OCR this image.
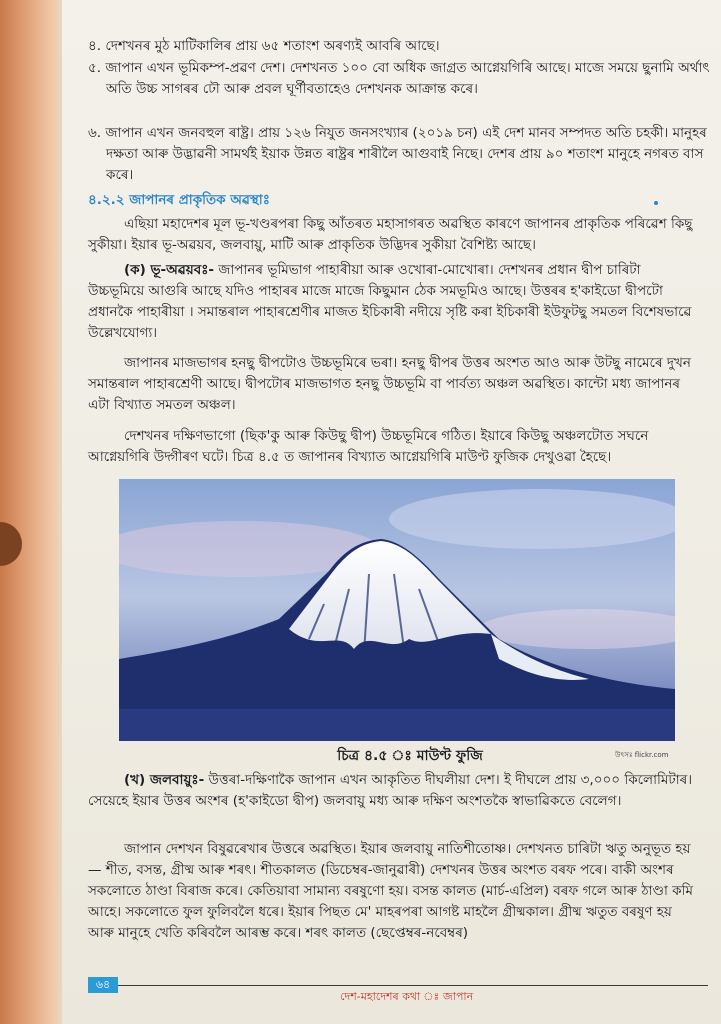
৪. দেশখনৰ মুঠ মাটিকালিৰ প্ৰায় ৬৫ শতাংশ অৰণ্যই আবৰি আছে।
৫. জাপান এখন ভূমিকম্প-প্ৰৱণ দেশ। দেশখনত ১০০ বো অধিক জাগ্ৰত আগ্নেয়গিৰি আছে। মাজে সময়ে ছুনামি অৰ্থাৎ অতি উচ্চ সাগৰৰ ঢৌ আৰু প্ৰবল ঘূৰ্ণীবতাহেও দেশখনক আক্ৰান্ত কৰে।
৬. জাপান এখন জনবহুল ৰাষ্ট্ৰ। প্ৰায় ১২৬ নিযুত জনসংখ্যাৰ (২০১৯ চন) এই দেশ মানব সম্পদত অতি চহকী। মানুহৰ দক্ষতা আৰু উদ্ভাৱনী সামৰ্থই ইয়াক উন্নত ৰাষ্ট্ৰৰ শাৰীলৈ আগুবাই নিছে। দেশৰ প্ৰায় ৯০ শতাংশ মানুহে নগৰত বাস কৰে।
৪.২.২ জাপানৰ প্ৰাকৃতিক অৱস্থাঃ
এছিয়া মহাদেশৰ মূল ভূ-খণ্ডৰপৰা কিছু আঁতৰত মহাসাগৰত অৱস্থিত কাৰণে জাপানৰ প্ৰাকৃতিক পৰিৱেশ কিছু সুকীয়া। ইয়াৰ ভূ-অৱয়ব, জলবায়ু, মাটি আৰু প্ৰাকৃতিক উদ্ভিদৰ সুকীয়া বৈশিষ্ট্য আছে।
(ক) ভূ-অৱয়বঃ- জাপানৰ ভূমিভাগ পাহাৰীয়া আৰু ওখোৰা-মোখোৰা। দেশখনৰ প্ৰধান দ্বীপ চাৰিটা উচ্চভূমিয়ে আগুৰি আছে যদিও পাহাৰৰ মাজে মাজে কিছুমান ঠেক সমভূমিও আছে। উত্তৰৰ হ'কাইডো দ্বীপটো প্ৰধানকৈ পাহাৰীয়া । সমান্তৰাল পাহাৰশ্ৰেণীৰ মাজত ইচিকাৰী নদীয়ে সৃষ্টি কৰা ইচিকাৰী ইউফুটছু সমতল বিশেষভাৱে উল্লেখযোগ্য।
জাপানৰ মাজভাগৰ হনছু দ্বীপটোও উচ্চভূমিৰে ভৰা। হনছু দ্বীপৰ উত্তৰ অংশত আও আৰু উটছু নামেৰে দুখন সমান্তৰাল পাহাৰশ্ৰেণী আছে। দ্বীপটোৰ মাজভাগত হনছু উচ্চভূমি বা পাৰ্বত্য অঞ্চল অৱস্থিত। কান্টো মধ্য জাপানৰ এটা বিখ্যাত সমতল অঞ্চল।
দেশখনৰ দক্ষিণভাগো (ছিক'কু আৰু কিউছু দ্বীপ) উচ্চভূমিৰে গঠিত। ইয়াৰে কিউছু অঞ্চলটোত সঘনে আগ্নেয়গিৰি উদ্গীৰণ ঘটে। চিত্ৰ ৪.৫ ত জাপানৰ বিখ্যাত আগ্নেয়গিৰি মাউণ্ট ফুজিক দেখুওৱা হৈছে।
চিত্ৰ ৪.৫ ঃ মাউণ্ট ফুজি	উৎসঃ flickr.com
(খ) জলবায়ুঃ- উত্তৰা-দক্ষিণাকৈ জাপান এখন আকৃতিত দীঘলীয়া দেশ। ই দীঘলে প্ৰায় ৩,০০০ কিলোমিটাৰ। সেয়েহে ইয়াৰ উত্তৰ অংশৰ (হ'কাইডো দ্বীপ) জলবায়ু মধ্য আৰু দক্ষিণ অংশতকৈ স্বাভাৱিকতে বেলেগ।
জাপান দেশখন বিষুৱৰেখাৰ উত্তৰে অৱস্থিত। ইয়াৰ জলবায়ু নাতিশীতোষ্ণ। দেশখনত চাৰিটা ঋতু অনুভূত হয়— শীত, বসন্ত, গ্ৰীষ্ম আৰু শৰৎ। শীতকালত (ডিচেম্বৰ-জানুৱাৰী) দেশখনৰ উত্তৰ অংশত বৰফ পৰে। বাকী অংশৰ সকলোতে ঠাণ্ডা বিৰাজ কৰে। কেতিয়াবা সামান্য বৰষুণো হয়। বসন্ত কালত (মাৰ্চ-এপ্ৰিল) বৰফ গলে আৰু ঠাণ্ডা কমি আহে। সকলোতে ফুল ফুলিবলৈ ধৰে। ইয়াৰ পিছত মে' মাহৰপৰা আগষ্ট মাহলৈ গ্ৰীষ্মকাল। গ্ৰীষ্ম ঋতুত বৰষুণ হয় আৰু মানুহে খেতি কৰিবলৈ আৰম্ভ কৰে। শৰৎ কালত (ছেপ্তেম্বৰ-নবেম্বৰ)
৬৪
দেশ-মহাদেশৰ কথা ঃ জাপান
